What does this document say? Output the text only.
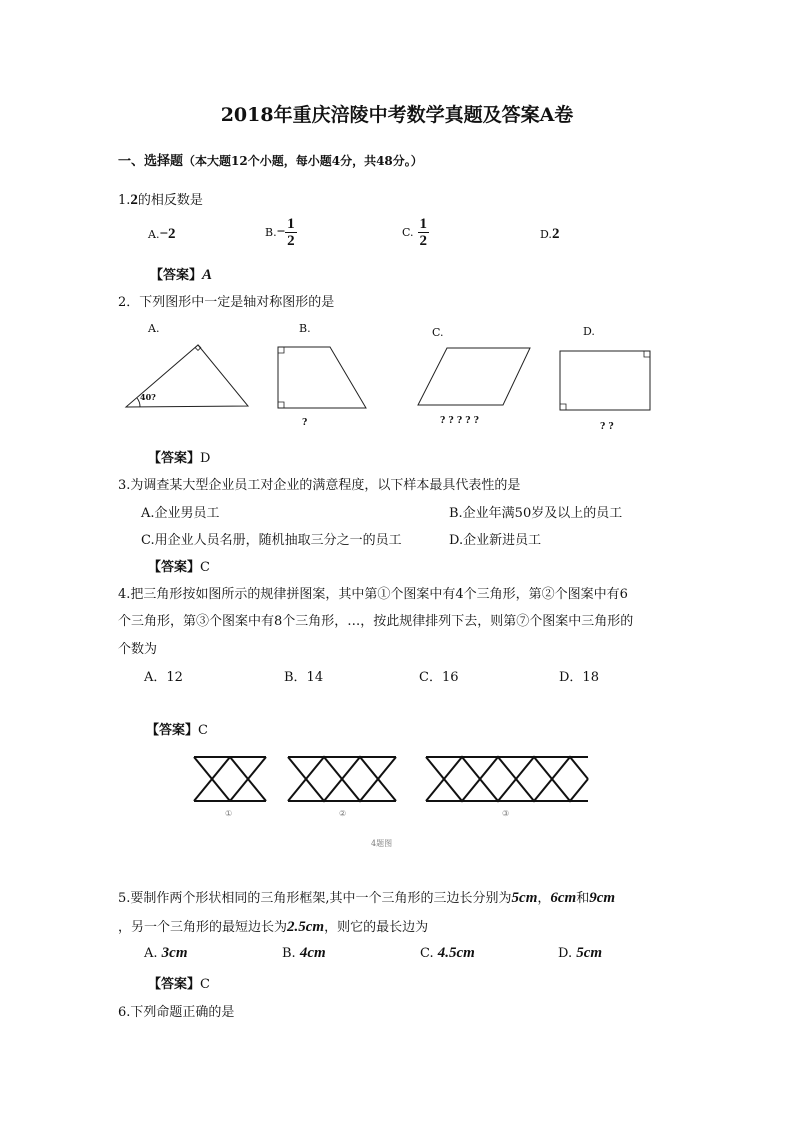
2018年重庆涪陵中考数学真题及答案A卷
一、选择题（本大题12个小题，每小题4分，共48分。）
1.2的相反数是
A.−2	$B.- \frac{1}{2}$	C. $\frac{1}{2}$	D.2
【答案】A
2．下列图形中一定是轴对称图形的是
A.	B.	C.	D.
40?
?	? ? ? ? ?
? ?
【答案】D
3.为调查某大型企业员工对企业的满意程度，以下样本最具代表性的是
A.企业男员工	B.企业年满50岁及以上的员工
C.用企业人员名册，随机抽取三分之一的员工	D.企业新进员工
【答案】C
4.把三角形按如图所示的规律拼图案，其中第①个图案中有4个三角形，第②个图案中有6
个三角形，第③个图案中有8个三角形，…，按此规律排列下去，则第⑦个图案中三角形的
个数为
A．12	B．14	C．16	D．18
【答案】C
①	②	③
4题图
5.要制作两个形状相同的三角形框架,其中一个三角形的三边长分别为5cm，6cm和9cm
，另一个三角形的最短边长为2.5cm，则它的最长边为
A. 3cm	B. 4cm	C. 4.5cm	D. 5cm
【答案】C
6.下列命题正确的是
